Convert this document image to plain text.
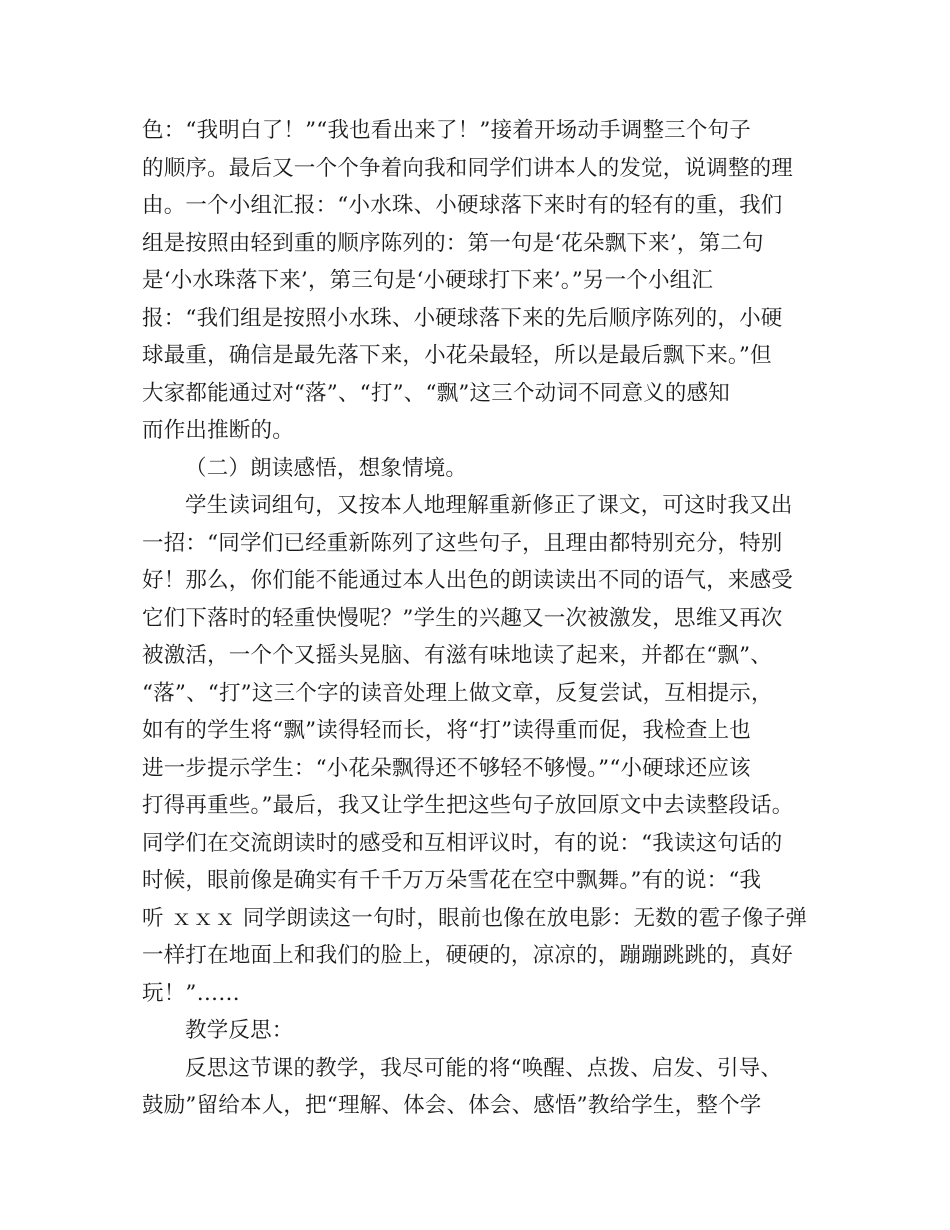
色：“我明白了！”“我也看出来了！”接着开场动手调整三个句子
的顺序。最后又一个个争着向我和同学们讲本人的发觉，说调整的理
由。一个小组汇报：“小水珠、小硬球落下来时有的轻有的重，我们
组是按照由轻到重的顺序陈列的：第一句是‘花朵飘下来’，第二句
是‘小水珠落下来’，第三句是‘小硬球打下来’。”另一个小组汇
报：“我们组是按照小水珠、小硬球落下来的先后顺序陈列的，小硬
球最重，确信是最先落下来，小花朵最轻，所以是最后飘下来。”但
大家都能通过对“落”、“打”、“飘”这三个动词不同意义的感知
而作出推断的。
（二）朗读感悟，想象情境。
学生读词组句，又按本人地理解重新修正了课文，可这时我又出
一招：“同学们已经重新陈列了这些句子，且理由都特别充分，特别
好！那么，你们能不能通过本人出色的朗读读出不同的语气，来感受
它们下落时的轻重快慢呢？”学生的兴趣又一次被激发，思维又再次
被激活，一个个又摇头晃脑、有滋有味地读了起来，并都在“飘”、
“落”、“打”这三个字的读音处理上做文章，反复尝试，互相提示，
如有的学生将“飘”读得轻而长，将“打”读得重而促，我检查上也
进一步提示学生：“小花朵飘得还不够轻不够慢。”“小硬球还应该
打得再重些。”最后，我又让学生把这些句子放回原文中去读整段话。
同学们在交流朗读时的感受和互相评议时，有的说：“我读这句话的
时候，眼前像是确实有千千万万朵雪花在空中飘舞。”有的说：“我
听 ｘｘｘ 同学朗读这一句时，眼前也像在放电影：无数的雹子像子弹
一样打在地面上和我们的脸上，硬硬的，凉凉的，蹦蹦跳跳的，真好
玩！”……
教学反思：
反思这节课的教学，我尽可能的将“唤醒、点拨、启发、引导、
鼓励”留给本人，把“理解、体会、体会、感悟”教给学生，整个学
